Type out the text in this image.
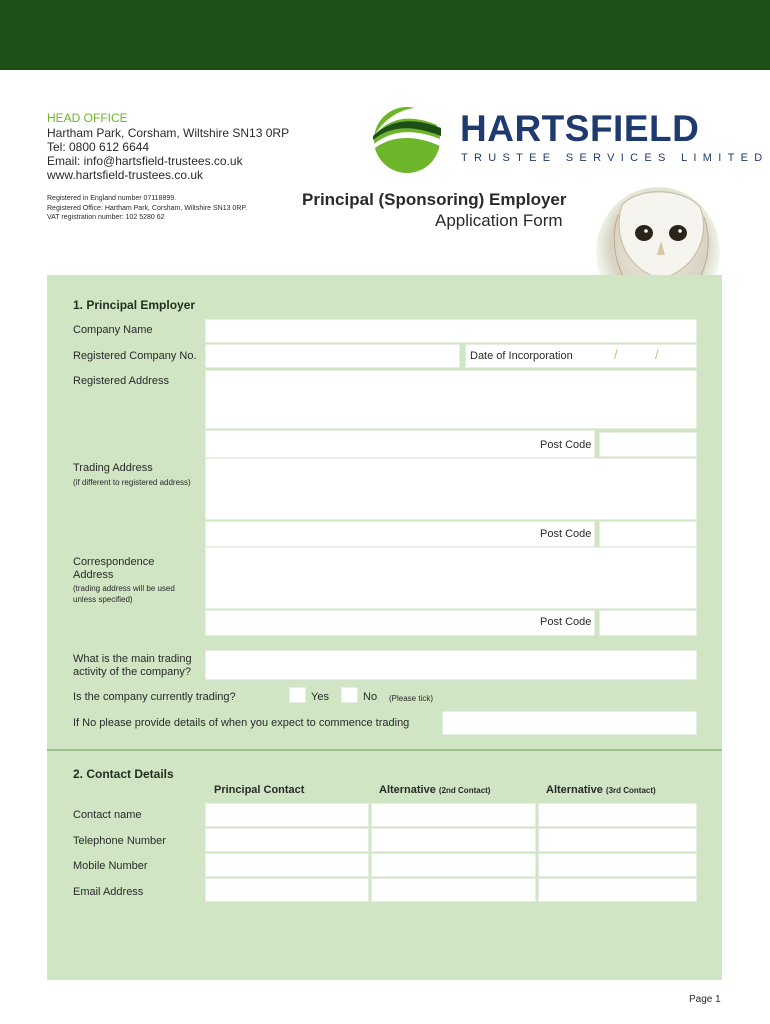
HEAD OFFICE
Hartham Park, Corsham, Wiltshire SN13 0RP
Tel: 0800 612 6644
Email: info@hartsfield-trustees.co.uk
www.hartsfield-trustees.co.uk
Registered in England number 07118899.
Registered Office: Hartham Park, Corsham, Wiltshire SN13 0RP.
VAT registration number: 102 5280 62
HARTSFIELD
TRUSTEE SERVICES LIMITED
Principal (Sponsoring) Employer
Application Form
1. Principal Employer
Company Name
Registered Company No.	Date of Incorporation	/	/
Registered Address
Post Code
Trading Address
(if different to registered address)
Post Code
Correspondence
Address
(trading address will be used unless specified)
Post Code
What is the main trading
activity of the company?
Is the company currently trading?	Yes	No (Please tick)
If No please provide details of when you expect to commence trading
2. Contact Details
Principal Contact	Alternative (2nd Contact)	Alternative (3rd Contact)
Contact name
Telephone Number
Mobile Number
Email Address
Page 1
